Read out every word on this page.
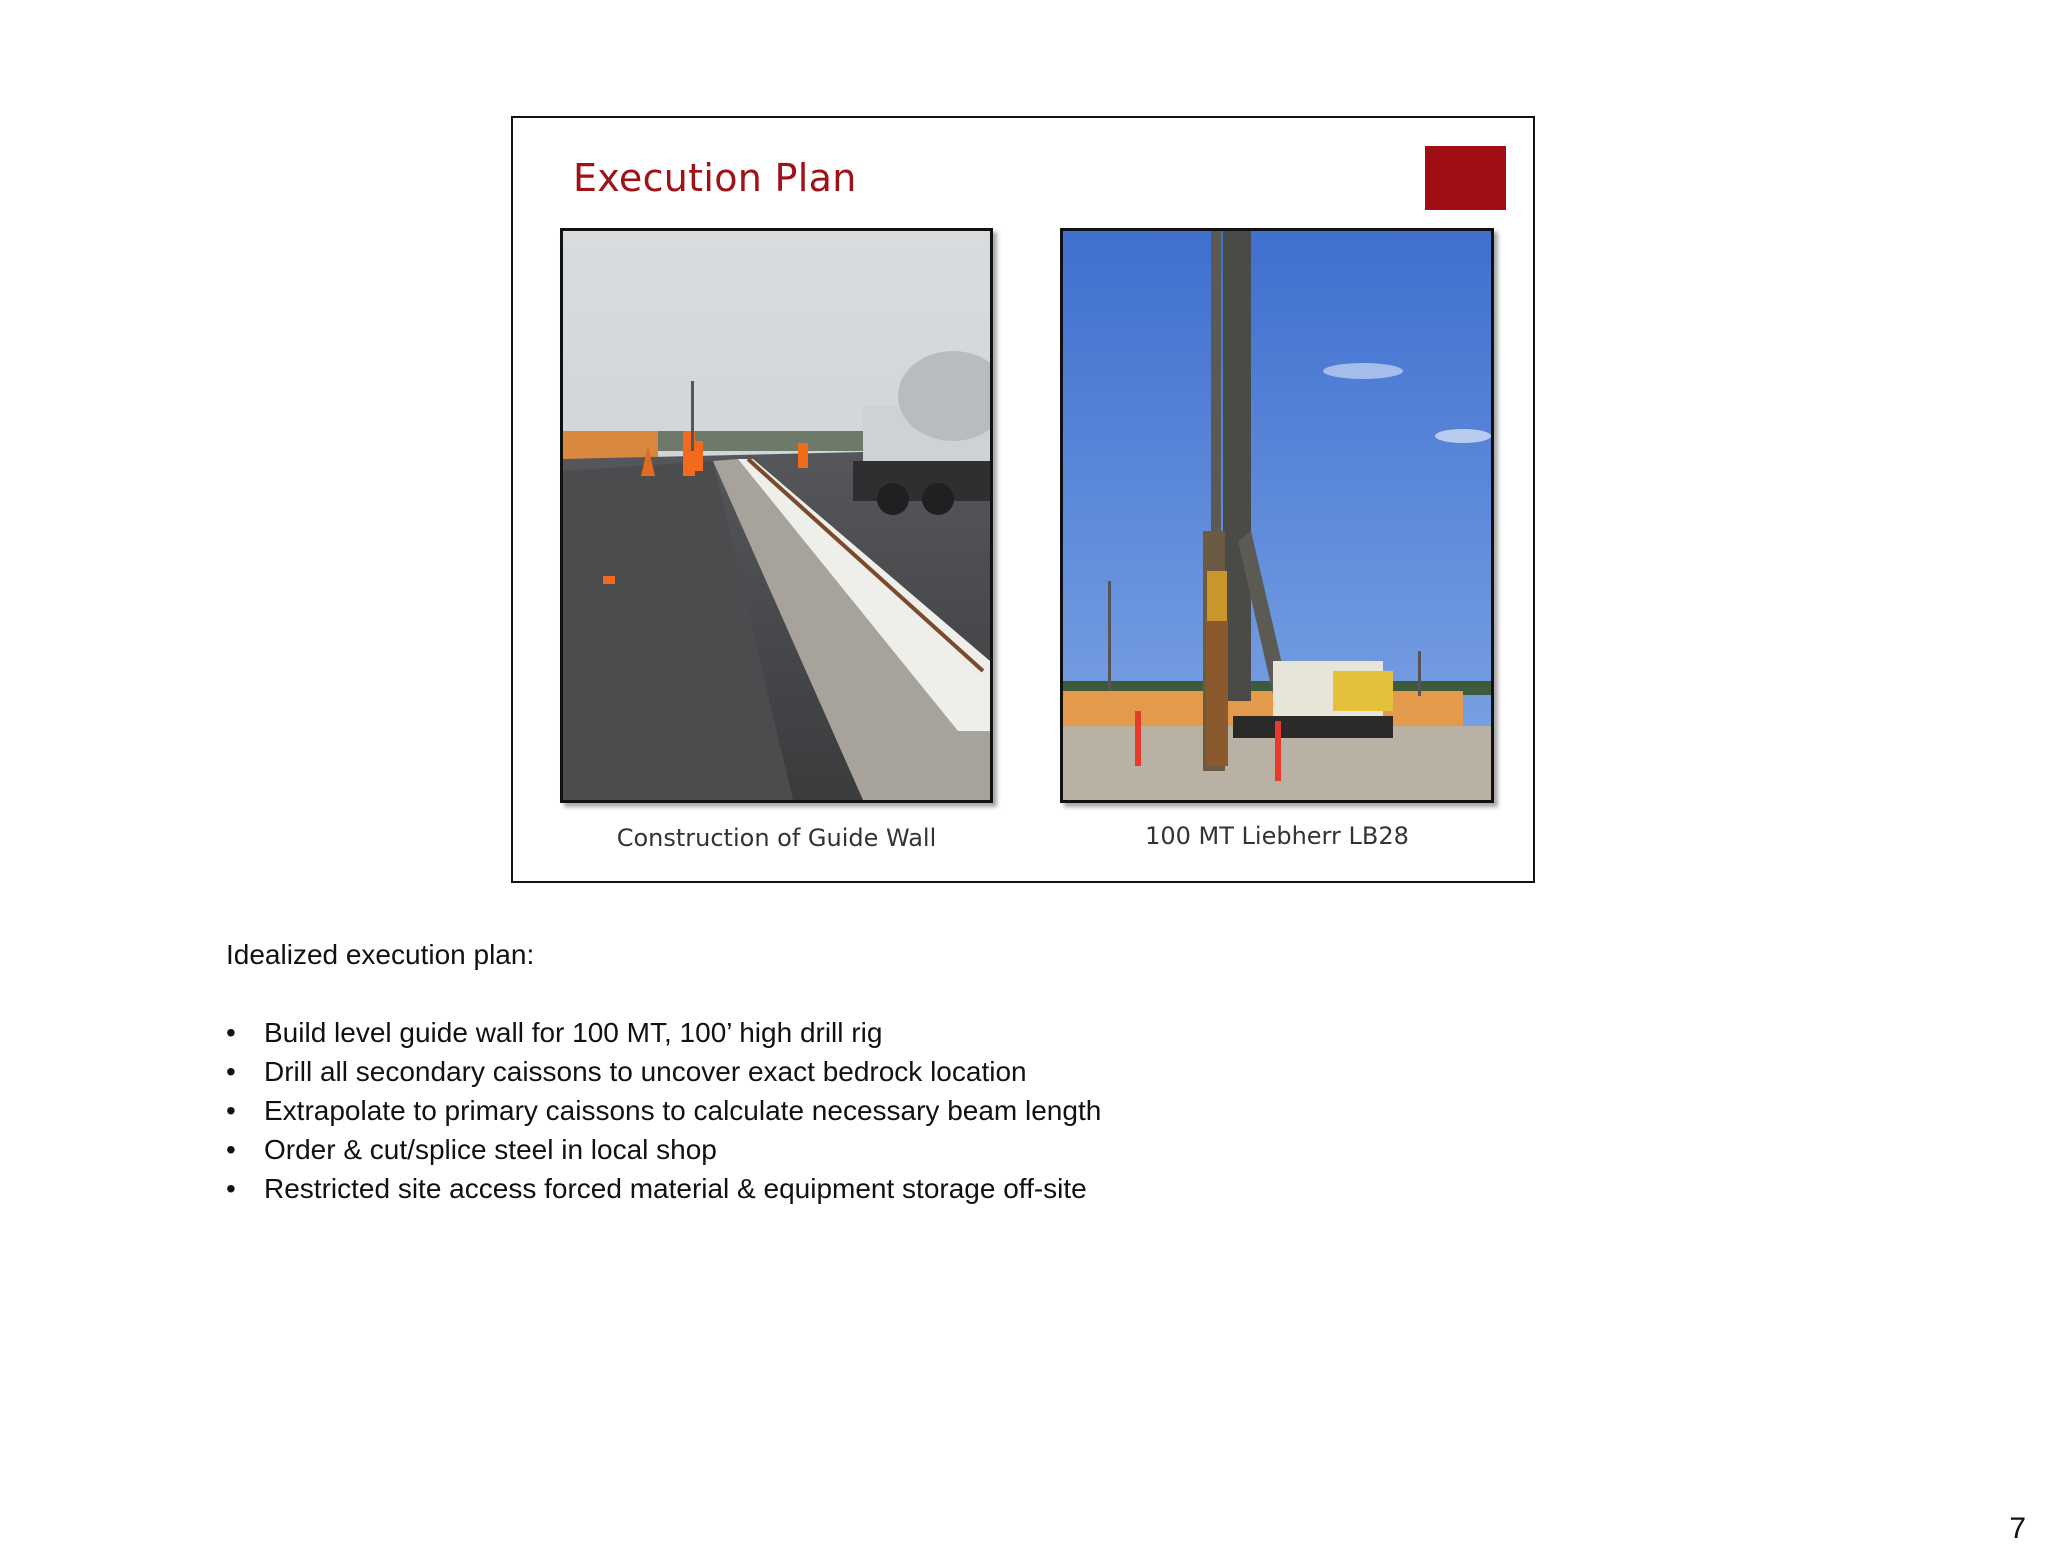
Execution Plan
Construction of Guide Wall	100 MT Liebherr LB28

Idealized execution plan:

• Build level guide wall for 100 MT, 100’ high drill rig
• Drill all secondary caissons to uncover exact bedrock location
• Extrapolate to primary caissons to calculate necessary beam length
• Order & cut/splice steel in local shop
• Restricted site access forced material & equipment storage off-site
7
